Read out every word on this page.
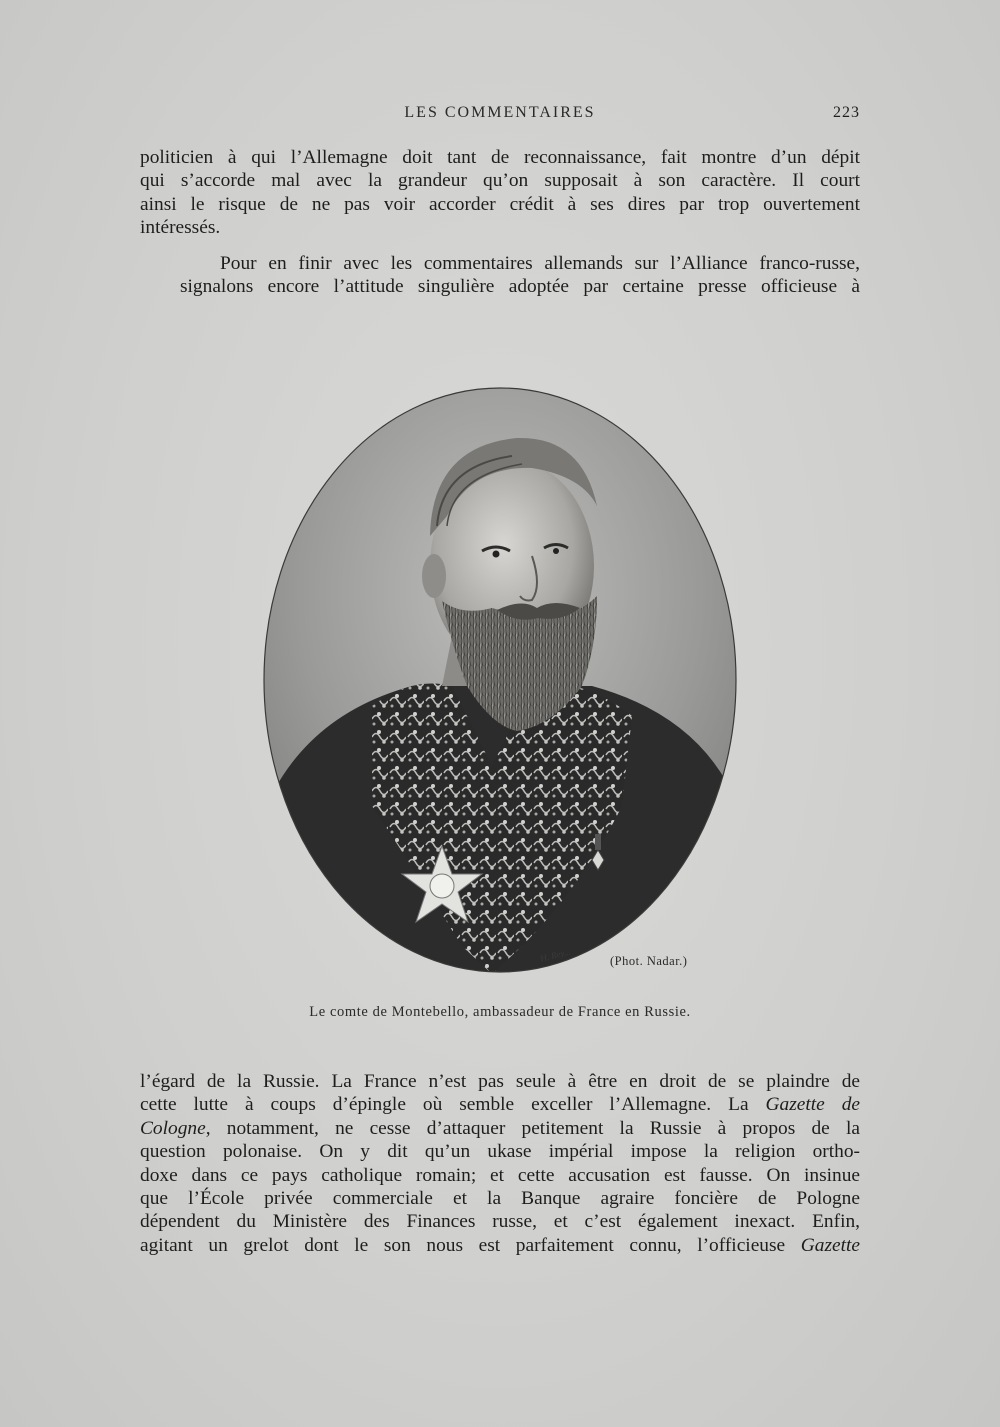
LES COMMENTAIRES	223

politicien à qui l’Allemagne doit tant de reconnaissance, fait montre d’un dépit
qui s’accorde mal avec la grandeur qu’on supposait à son caractère. Il court
ainsi le risque de ne pas voir accorder crédit à ses dires par trop ouvertement
intéressés.

Pour en finir avec les commentaires allemands sur l’Alliance franco-russe,
signalons encore l’attitude singulière adoptée par certaine presse officieuse à

H. Rey...	(Phot. Nadar.)
Le comte de Montebello, ambassadeur de France en Russie.
l’égard de la Russie. La France n’est pas seule à être en droit de se plaindre de
cette lutte à coups d’épingle où semble exceller l’Allemagne. La Gazette de
Cologne, notamment, ne cesse d’attaquer petitement la Russie à propos de la
question polonaise. On y dit qu’un ukase impérial impose la religion ortho-
doxe dans ce pays catholique romain; et cette accusation est fausse. On insinue
que l’École privée commerciale et la Banque agraire foncière de Pologne
dépendent du Ministère des Finances russe, et c’est également inexact. Enfin,
agitant un grelot dont le son nous est parfaitement connu, l’officieuse Gazette
